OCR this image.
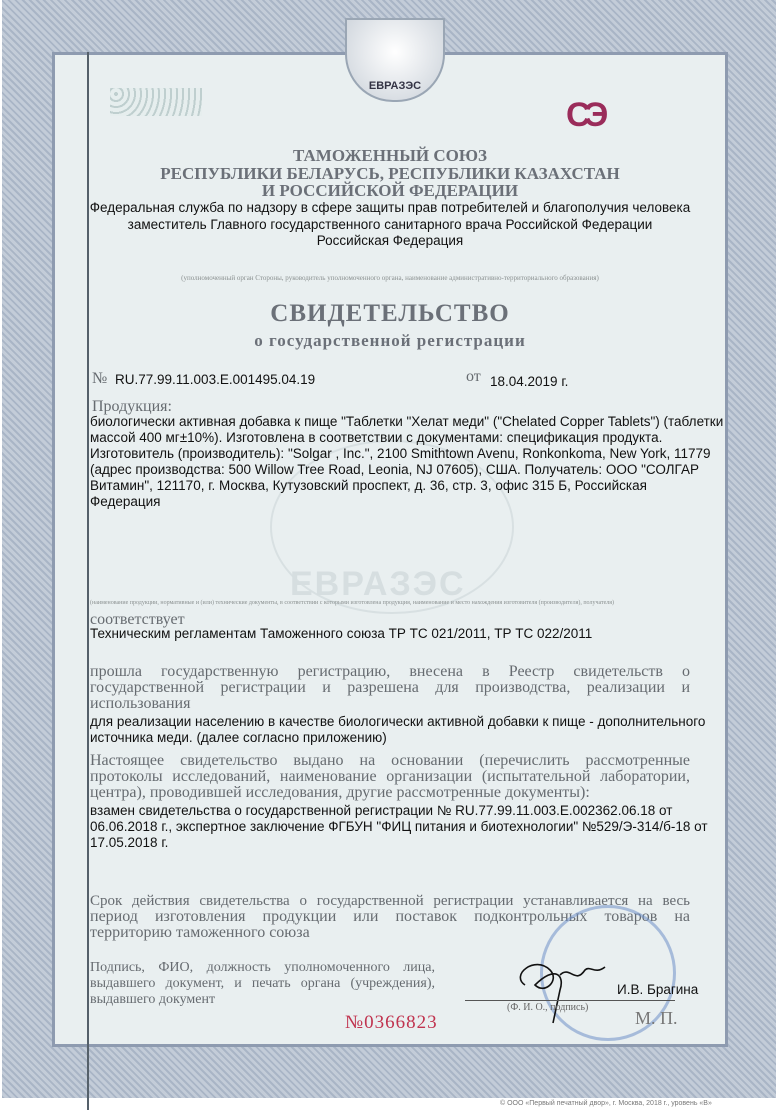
ЕВРАЗЭС
ЕВРАЗЭС
СЭ
ТАМОЖЕННЫЙ СОЮЗ
РЕСПУБЛИКИ БЕЛАРУСЬ, РЕСПУБЛИКИ КАЗАХСТАН
И РОССИЙСКОЙ ФЕДЕРАЦИИ
Федеральная служба по надзору в сфере защиты прав потребителей и благополучия человека
заместитель Главного государственного санитарного врача Российской Федерации
Российская Федерация
(уполномоченный орган Стороны, руководитель уполномоченного органа, наименование административно-территориального образования)
СВИДЕТЕЛЬСТВО
о государственной регистрации
№ RU.77.99.11.003.Е.001495.04.19	от 18.04.2019 г.
Продукция:
биологически активная добавка к пище "Таблетки "Хелат меди" ("Chelated Copper Tablets") (таблетки
массой 400 мг±10%). Изготовлена в соответствии с документами: спецификация продукта.
Изготовитель (производитель): "Solgar , Inc.", 2100 Smithtown Avenu, Ronkonkoma, New York, 11779
(адрес производства: 500 Willow Tree Road, Leonia, NJ 07605), США. Получатель: ООО "СОЛГАР
Витамин", 121170, г. Москва, Кутузовский проспект, д. 36, стр. 3, офис 315 Б, Российская
Федерация
(наименование продукции, нормативные и (или) технические документы, в соответствии с которыми изготовлена продукция, наименование и место нахождения изготовителя (производителя), получателя)
соответствует
Техническим регламентам Таможенного союза ТР ТС 021/2011, ТР ТС 022/2011
прошла государственную регистрацию, внесена в Реестр свидетельств о
государственной регистрации и разрешена для производства, реализации и
использования
для реализации населению в качестве биологически активной добавки к пище - дополнительного
источника меди. (далее согласно приложению)
Настоящее свидетельство выдано на основании (перечислить рассмотренные
протоколы исследований, наименование организации (испытательной лаборатории,
центра), проводившей исследования, другие рассмотренные документы):
взамен свидетельства о государственной регистрации № RU.77.99.11.003.Е.002362.06.18 от
06.06.2018 г., экспертное заключение ФГБУН "ФИЦ питания и биотехнологии" №529/Э-314/б-18 от
17.05.2018 г.
Срок действия свидетельства о государственной регистрации устанавливается на весь
период изготовления продукции или поставок подконтрольных товаров на
территорию таможенного союза
Подпись, ФИО, должность уполномоченного лица,
выдавшего документ, и печать органа (учреждения),
выдавшего документ
И.В. Брагина
(Ф. И. О., подпись)
М. П.
№0366823
© ООО «Первый печатный двор», г. Москва, 2018 г., уровень «В»
